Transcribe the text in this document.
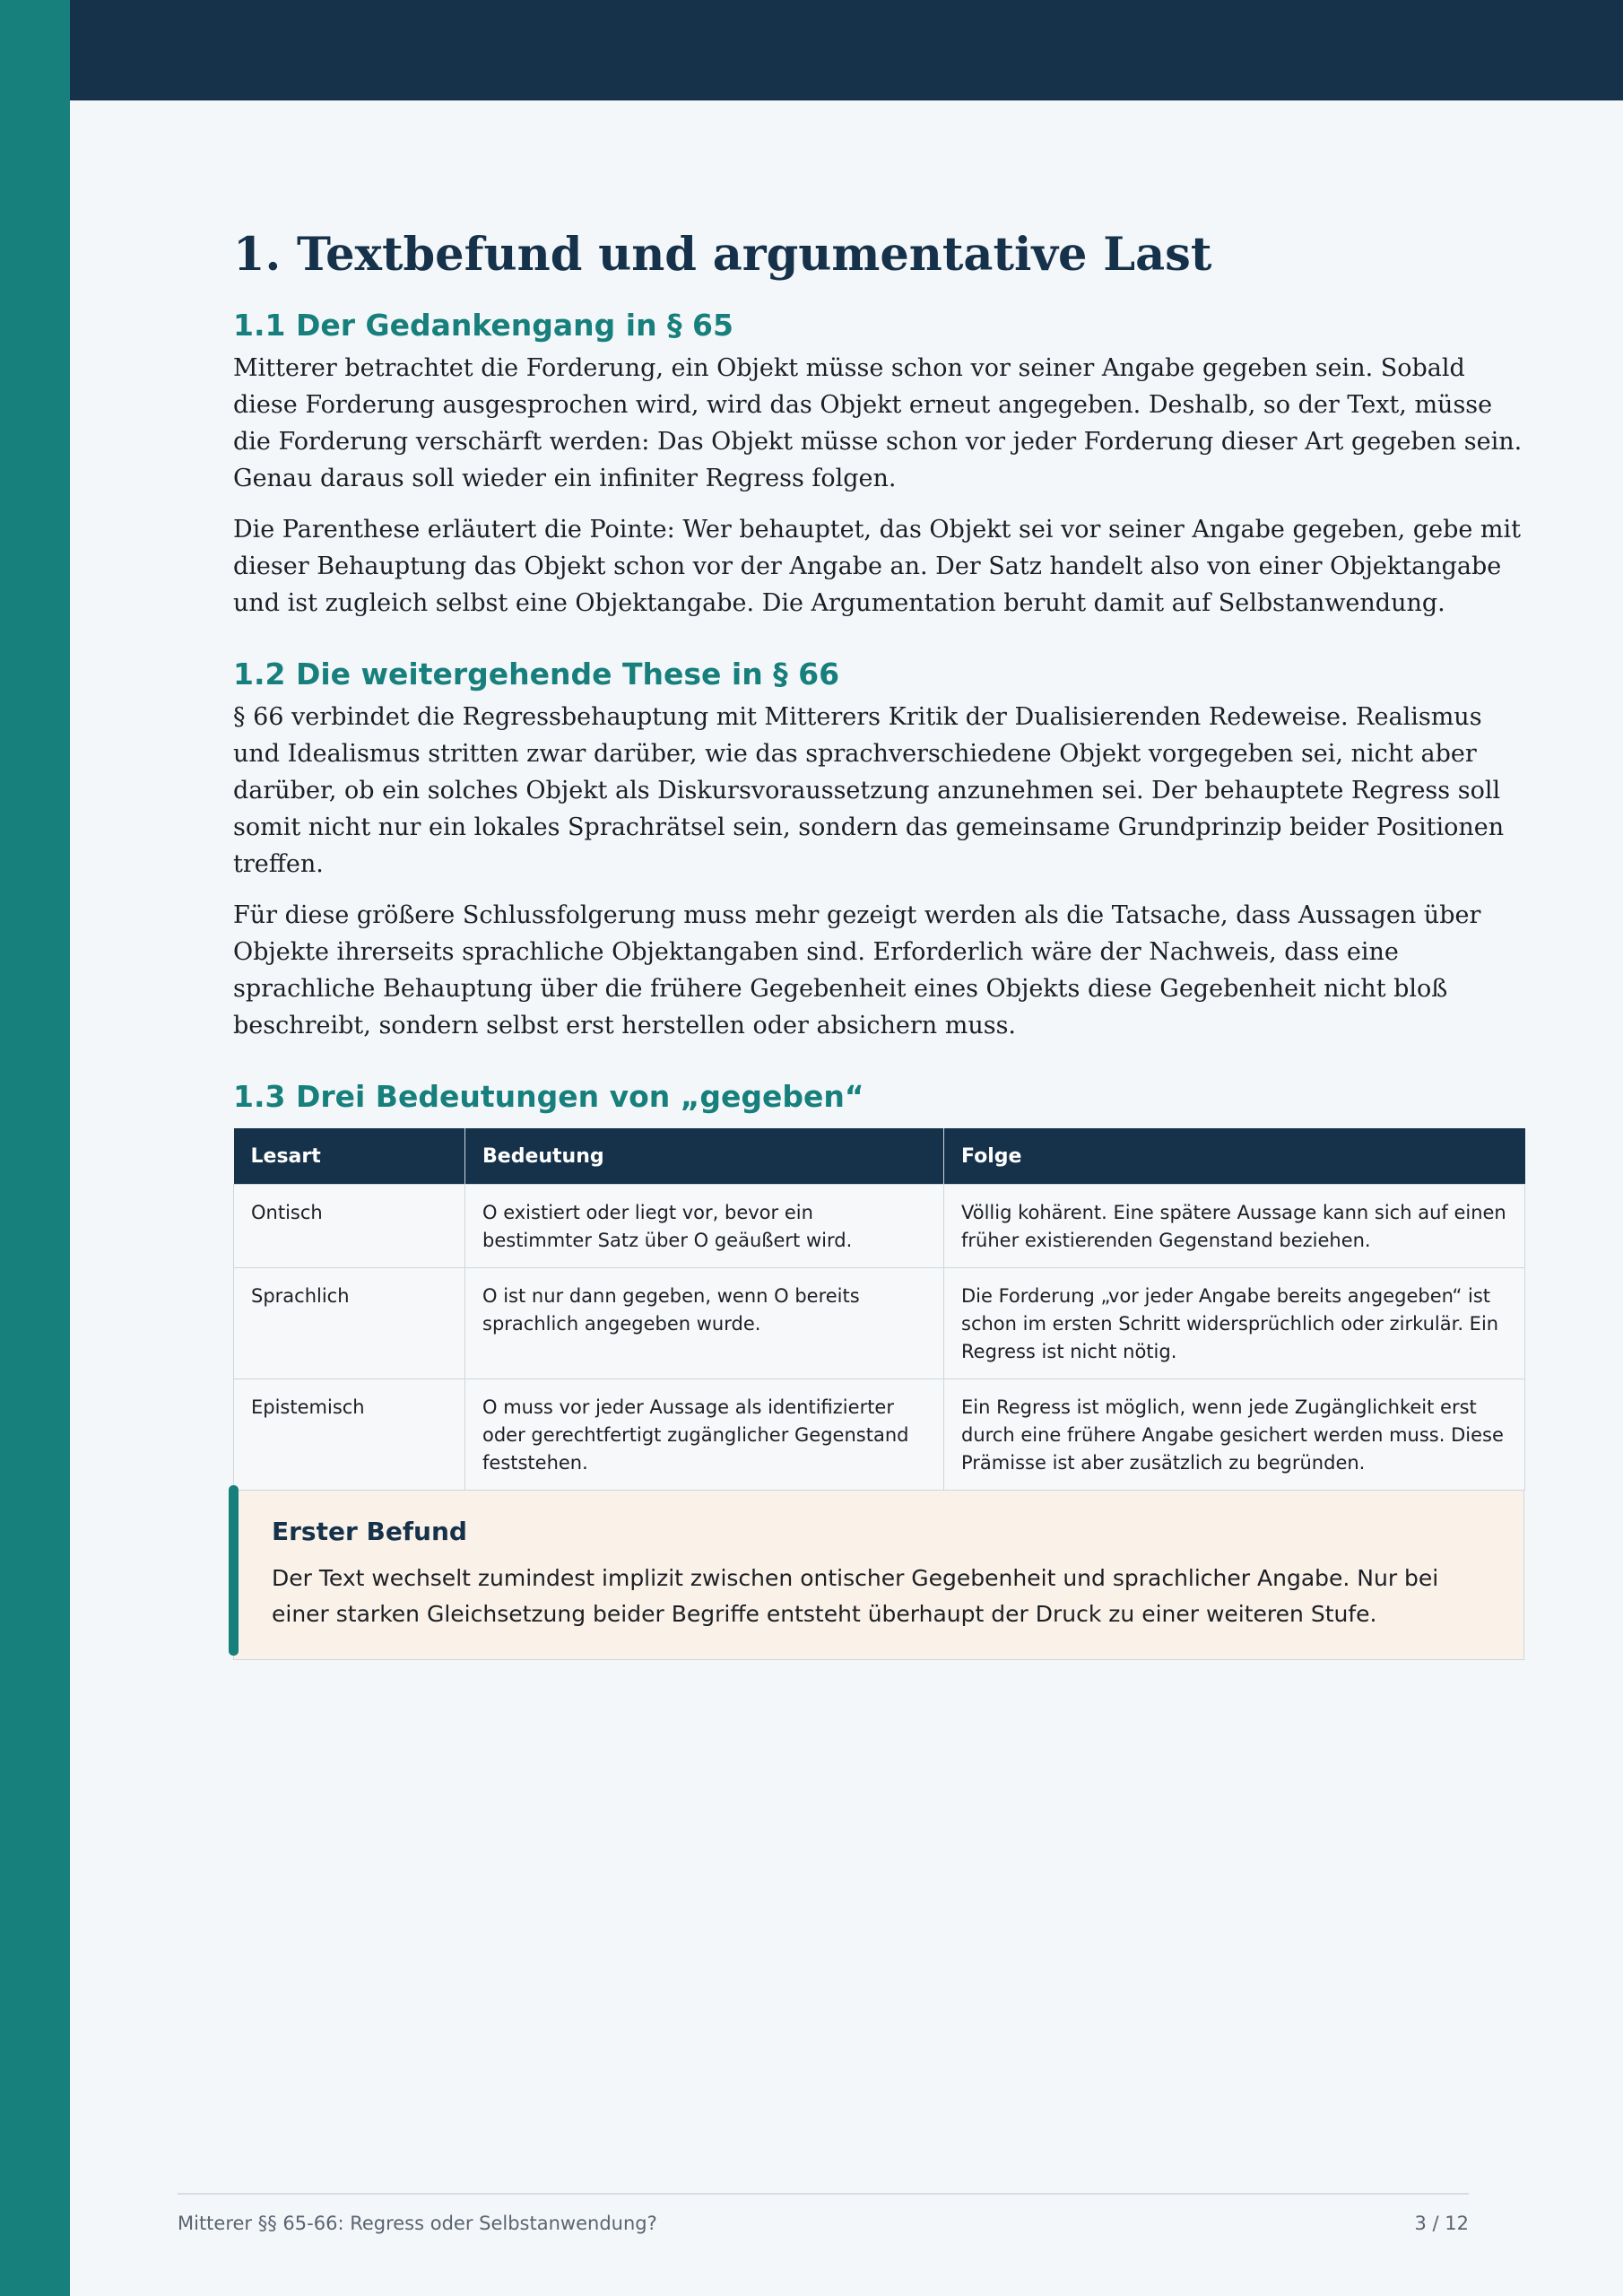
1. Textbefund und argumentative Last
1.1 Der Gedankengang in § 65

Mitterer betrachtet die Forderung, ein Objekt müsse schon vor seiner Angabe gegeben sein. Sobald diese Forderung ausgesprochen wird, wird das Objekt erneut angegeben. Deshalb, so der Text, müsse die Forderung verschärft werden: Das Objekt müsse schon vor jeder Forderung dieser Art gegeben sein. Genau daraus soll wieder ein infiniter Regress folgen.

Die Parenthese erläutert die Pointe: Wer behauptet, das Objekt sei vor seiner Angabe gegeben, gebe mit dieser Behauptung das Objekt schon vor der Angabe an. Der Satz handelt also von einer Objektangabe und ist zugleich selbst eine Objektangabe. Die Argumentation beruht damit auf Selbstanwendung.

1.2 Die weitergehende These in § 66

§ 66 verbindet die Regressbehauptung mit Mitterers Kritik der Dualisierenden Redeweise. Realismus und Idealismus stritten zwar darüber, wie das sprachverschiedene Objekt vorgegeben sei, nicht aber darüber, ob ein solches Objekt als Diskursvoraussetzung anzunehmen sei. Der behauptete Regress soll somit nicht nur ein lokales Sprachrätsel sein, sondern das gemeinsame Grundprinzip beider Positionen treffen.

Für diese größere Schlussfolgerung muss mehr gezeigt werden als die Tatsache, dass Aussagen über Objekte ihrerseits sprachliche Objektangaben sind. Erforderlich wäre der Nachweis, dass eine sprachliche Behauptung über die frühere Gegebenheit eines Objekts diese Gegebenheit nicht bloß beschreibt, sondern selbst erst herstellen oder absichern muss.

1.3 Drei Bedeutungen von „gegeben“
Lesart	Bedeutung	Folge
Ontisch	O existiert oder liegt vor, bevor ein bestimmter Satz über O geäußert wird.	Völlig kohärent. Eine spätere Aussage kann sich auf einen früher existierenden Gegenstand beziehen.
Sprachlich	O ist nur dann gegeben, wenn O bereits sprachlich angegeben wurde.	Die Forderung „vor jeder Angabe bereits angegeben“ ist schon im ersten Schritt widersprüchlich oder zirkulär. Ein Regress ist nicht nötig.
Epistemisch	O muss vor jeder Aussage als identifizierter oder gerechtfertigt zugänglicher Gegenstand feststehen.	Ein Regress ist möglich, wenn jede Zugänglichkeit erst durch eine frühere Angabe gesichert werden muss. Diese Prämisse ist aber zusätzlich zu begründen.
Erster Befund
Der Text wechselt zumindest implizit zwischen ontischer Gegebenheit und sprachlicher Angabe. Nur bei einer starken Gleichsetzung beider Begriffe entsteht überhaupt der Druck zu einer weiteren Stufe.
Mitterer §§ 65-66: Regress oder Selbstanwendung?	3 / 12
